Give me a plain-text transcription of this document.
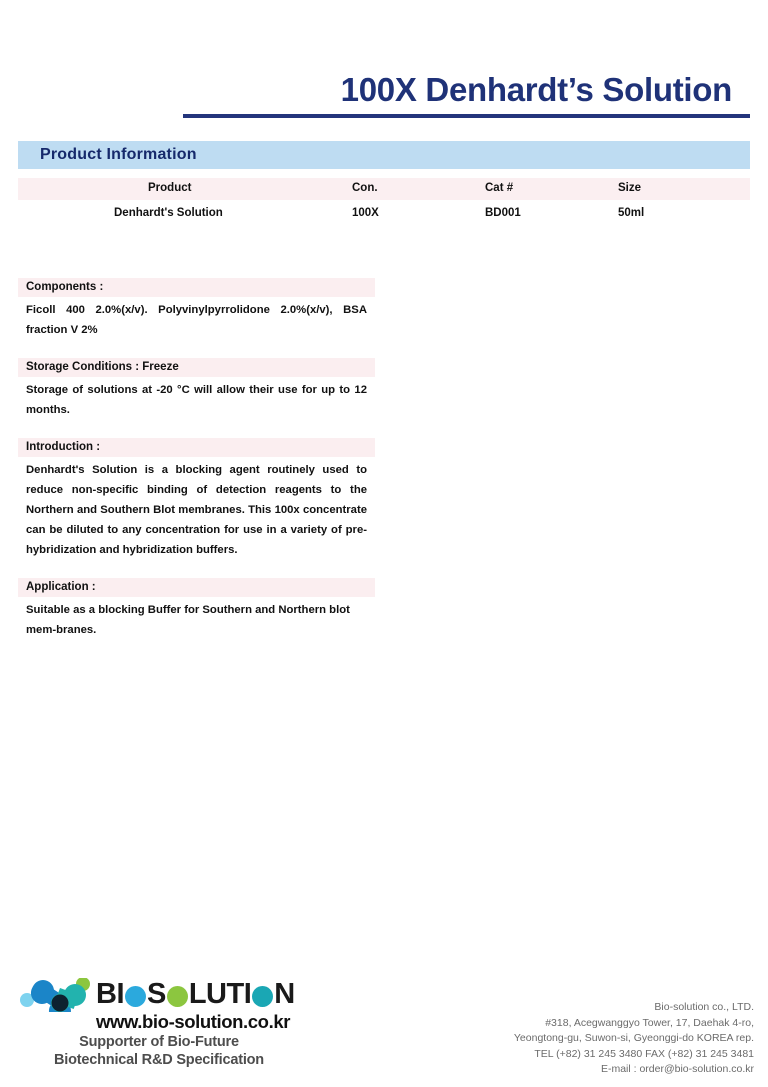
100X Denhardt’s Solution
Product Information
Product	Con.	Cat #	Size
Denhardt's Solution	100X	BD001	50ml
Components :
Ficoll 400 2.0%(x/v). Polyvinylpyrrolidone 2.0%(x/v), BSA fraction V 2%
Storage Conditions : Freeze
Storage of solutions at -20 °C will allow their use for up to 12 months.
Introduction :
Denhardt's Solution is a blocking agent routinely used to reduce non-specific binding of detection reagents to the Northern and Southern Blot membranes. This 100x concentrate can be diluted to any concentration for use in a variety of pre-hybridization and hybridization buffers.
Application :
Suitable as a blocking Buffer for Southern and Northern blot mem-branes.
BI S LUTI N
www.bio-solution.co.kr
Supporter of Bio-Future
Biotechnical R&D Specification
Bio-solution co., LTD.
#318, Acegwanggyo Tower, 17, Daehak 4-ro,
Yeongtong-gu, Suwon-si, Gyeonggi-do KOREA rep.
TEL (+82) 31 245 3480 FAX (+82) 31 245 3481
E-mail : order@bio-solution.co.kr
